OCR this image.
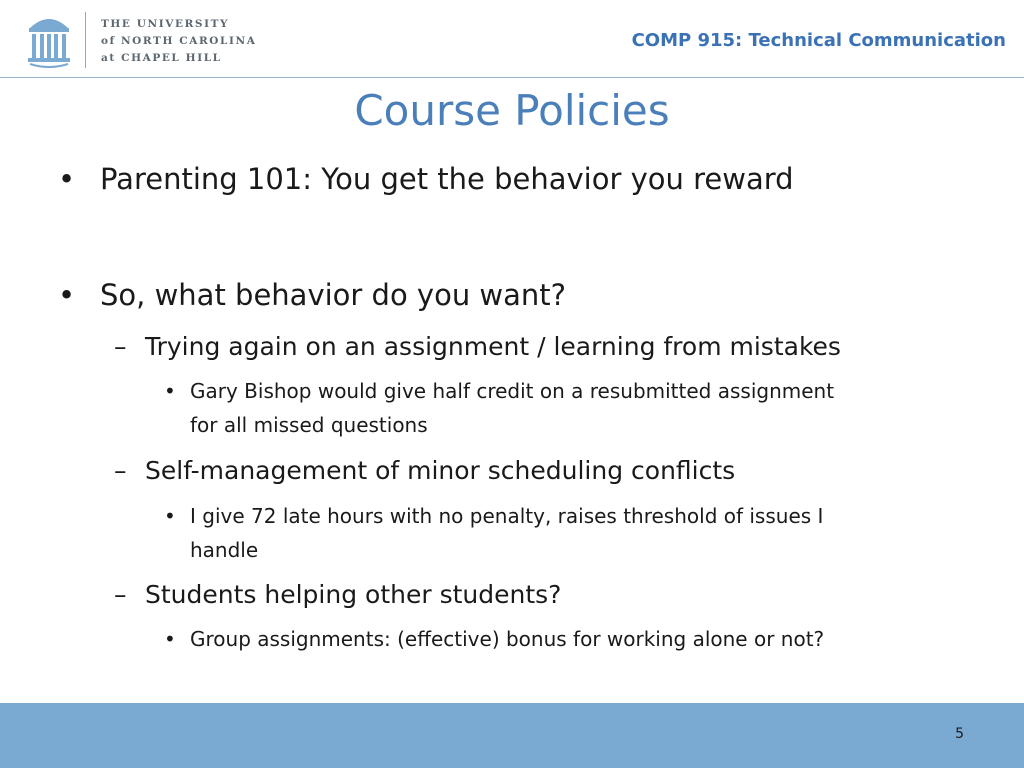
THE UNIVERSITY
of NORTH CAROLINA
at CHAPEL HILL
COMP 915: Technical Communication
Course Policies
• Parenting 101: You get the behavior you reward
• So, what behavior do you want?
– Trying again on an assignment / learning from mistakes
• Gary Bishop would give half credit on a resubmitted assignment
for all missed questions
– Self-management of minor scheduling conflicts
• I give 72 late hours with no penalty, raises threshold of issues I
handle
– Students helping other students?
• Group assignments: (effective) bonus for working alone or not?
5
